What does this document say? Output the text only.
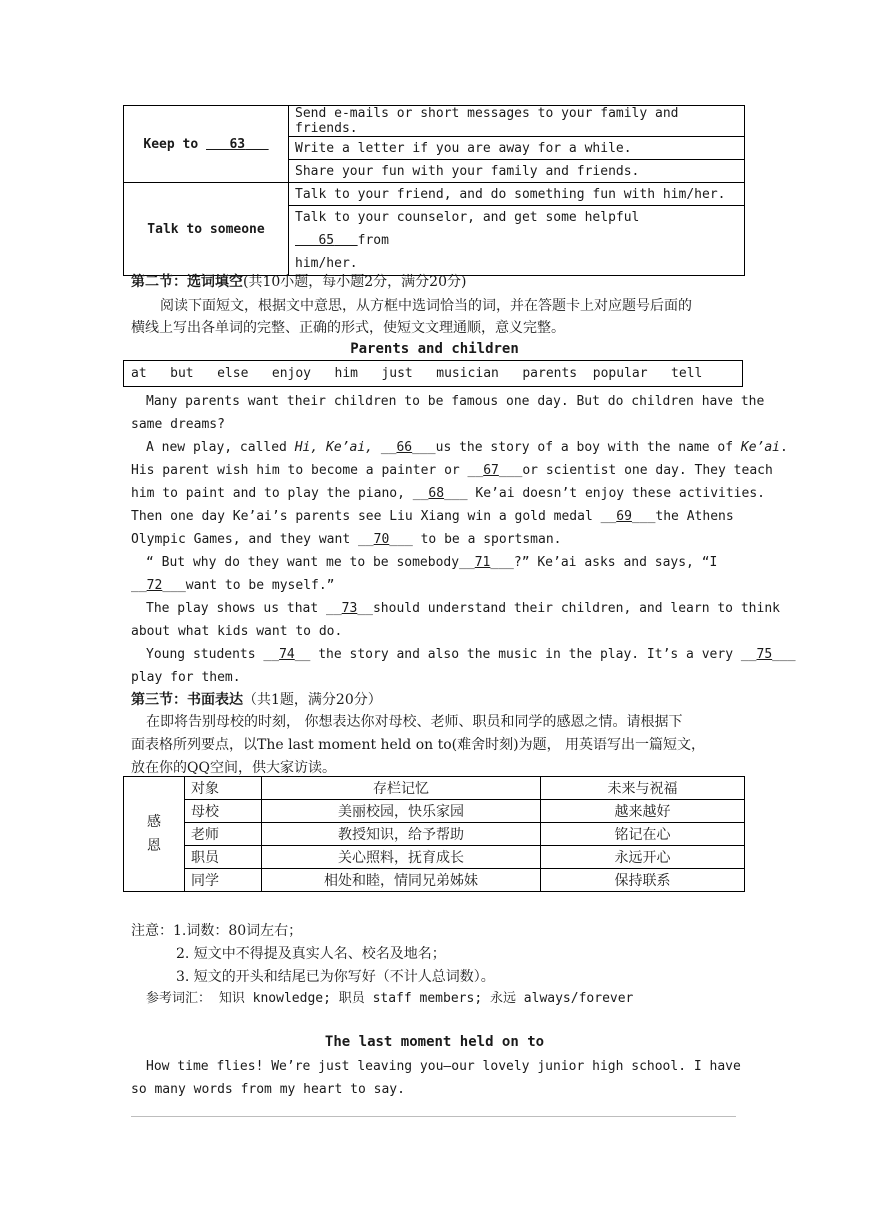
Keep to    63	Send e-mails or short messages to your family and friends.
	Write a letter if you are away for a while.
	Share your fun with your family and friends.
Talk to someone	Talk to your friend, and do something fun with him/her.
	Talk to your counselor, and get some helpful    65 from
him/her.
第二节：选词填空(共10小题，每小题2分，满分20分)
阅读下面短文，根据文中意思，从方框中选词恰当的词，并在答题卡上对应题号后面的
横线上写出各单词的完整、正确的形式，使短文文理通顺，意义完整。
Parents and children
at   but   else   enjoy   him   just   musician   parents  popular   tell
Many parents want their children to be famous one day. But do children have the
same dreams?
A new play, called Hi, Ke’ai, __66___us the story of a boy with the name of Ke’ai.
His parent wish him to become a painter or __67___or scientist one day. They teach
him to paint and to play the piano, __68___ Ke’ai doesn’t enjoy these activities.
Then one day Ke’ai’s parents see Liu Xiang win a gold medal __69___the Athens
Olympic Games, and they want __70___ to be a sportsman.
“ But why do they want me to be somebody__71___?” Ke’ai asks and says, “I
__72___want to be myself.”
The play shows us that __73__should understand their children, and learn to think
about what kids want to do.
Young students __74__ the story and also the music in the play. It’s a very __75___
play for them.
第三节：书面表达（共1题，满分20分）
在即将告别母校的时刻， 你想表达你对母校、老师、职员和同学的感恩之情。请根据下
面表格所列要点，以The last moment held on to(难舍时刻)为题， 用英语写出一篇短文，
放在你的QQ空间，供大家访读。
感
恩	对象	存栏记忆	未来与祝福
	母校	美丽校园，快乐家园	越来越好
	老师	教授知识，给予帮助	铭记在心
	职员	关心照料，抚育成长	永远开心
	同学	相处和睦，情同兄弟姊妹	保持联系
注意：1.词数：80词左右；
2. 短文中不得提及真实人名、校名及地名；
3. 短文的开头和结尾已为你写好（不计人总词数）。
参考词汇： 知识 knowledge; 职员 staff members; 永远 always/forever
The last moment held on to
How time flies! We’re just leaving you—our lovely junior high school. I have
so many words from my heart to say.
